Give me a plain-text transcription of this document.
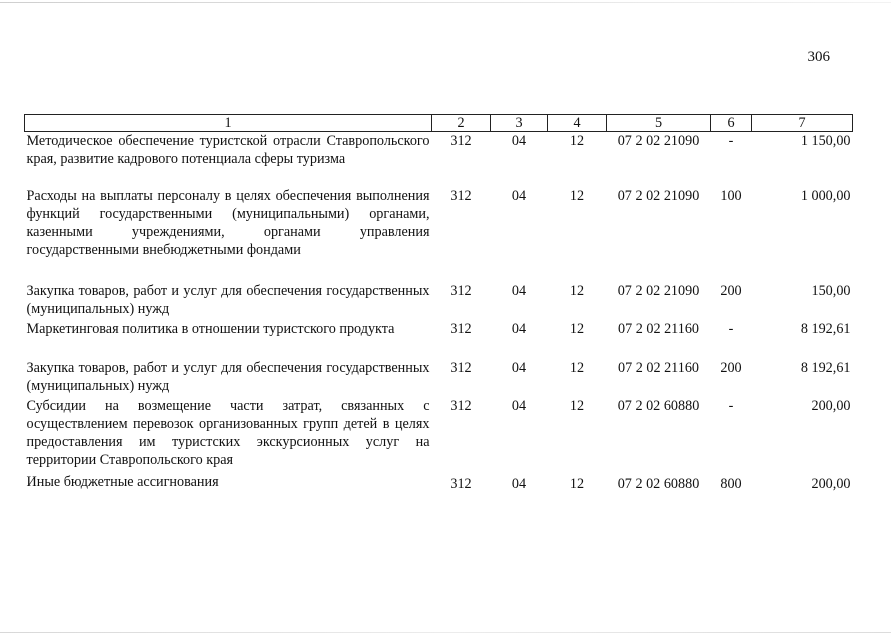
306
1	2	3	4	5	6	7
Методическое обеспечение туристской отрасли Ставропольского края, развитие кадрового потенциала сферы туризма	312	04	12	07 2 02 21090	-	1 150,00
Расходы на выплаты персоналу в целях обеспечения выполнения функций государственными (муниципальными) органами, казенными учреждениями, органами управления государственными внебюджетными фондами	312	04	12	07 2 02 21090	100	1 000,00
Закупка товаров, работ и услуг для обеспечения государственных (муниципальных) нужд	312	04	12	07 2 02 21090	200	150,00
Маркетинговая политика в отношении туристского продукта	312	04	12	07 2 02 21160	-	8 192,61
Закупка товаров, работ и услуг для обеспечения государственных (муниципальных) нужд	312	04	12	07 2 02 21160	200	8 192,61
Субсидии на возмещение части затрат, связанных с осуществлением перевозок организованных групп детей в целях предоставления им туристских экскурсионных услуг на территории Ставропольского края	312	04	12	07 2 02 60880	-	200,00
Иные бюджетные ассигнования	312	04	12	07 2 02 60880	800	200,00
